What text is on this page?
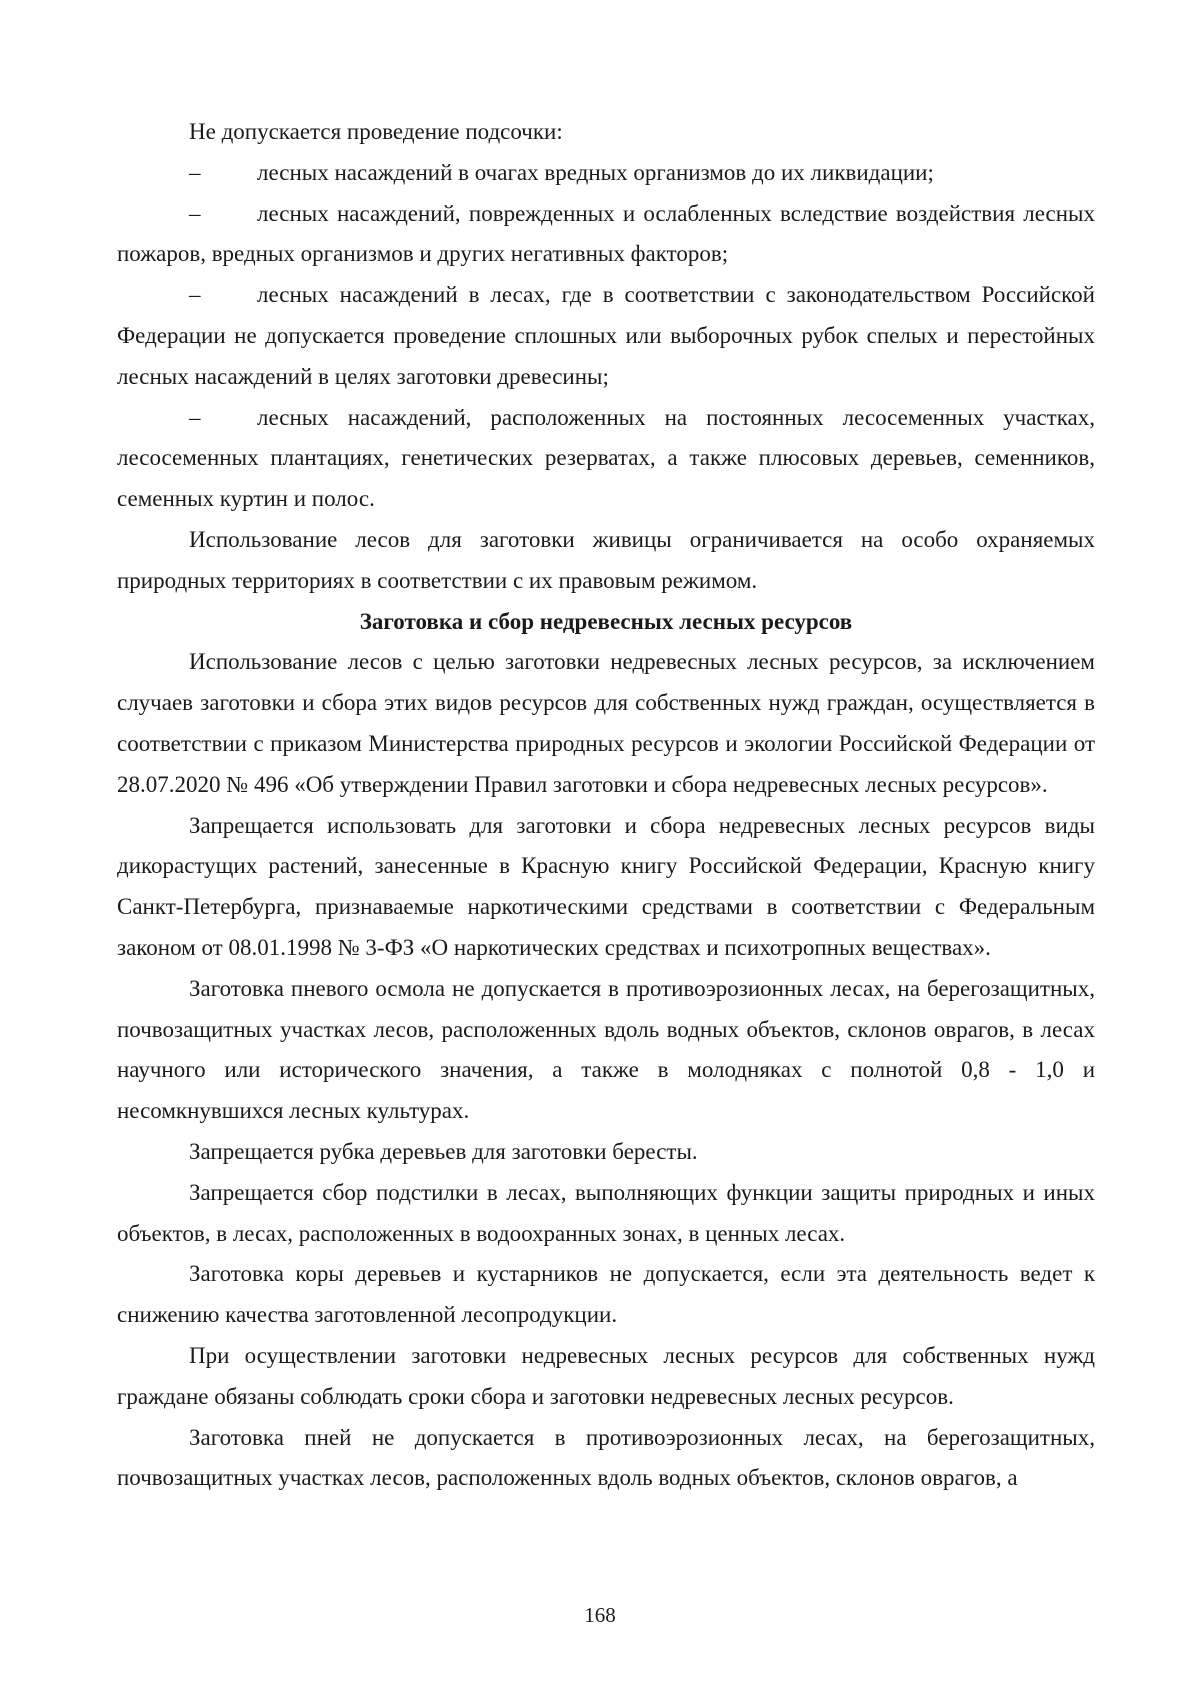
Не допускается проведение подсочки:

– лесных насаждений в очагах вредных организмов до их ликвидации;

– лесных насаждений, поврежденных и ослабленных вследствие воздействия лесных пожаров, вредных организмов и других негативных факторов;

– лесных насаждений в лесах, где в соответствии с законодательством Российской Федерации не допускается проведение сплошных или выборочных рубок спелых и перестойных лесных насаждений в целях заготовки древесины;

– лесных насаждений, расположенных на постоянных лесосеменных участках, лесосеменных плантациях, генетических резерватах, а также плюсовых деревьев, семенников, семенных куртин и полос.

Использование лесов для заготовки живицы ограничивается на особо охраняемых природных территориях в соответствии с их правовым режимом.

Заготовка и сбор недревесных лесных ресурсов

Использование лесов с целью заготовки недревесных лесных ресурсов, за исключением случаев заготовки и сбора этих видов ресурсов для собственных нужд граждан, осуществляется в соответствии с приказом Министерства природных ресурсов и экологии Российской Федерации от 28.07.2020 № 496 «Об утверждении Правил заготовки и сбора недревесных лесных ресурсов».

Запрещается использовать для заготовки и сбора недревесных лесных ресурсов виды дикорастущих растений, занесенные в Красную книгу Российской Федерации, Красную книгу Санкт-Петербурга, признаваемые наркотическими средствами в соответствии с Федеральным законом от 08.01.1998 № 3-ФЗ «О наркотических средствах и психотропных веществах».

Заготовка пневого осмола не допускается в противоэрозионных лесах, на берегозащитных, почвозащитных участках лесов, расположенных вдоль водных объектов, склонов оврагов, в лесах научного или исторического значения, а также в молодняках с полнотой 0,8 - 1,0 и несомкнувшихся лесных культурах.

Запрещается рубка деревьев для заготовки бересты.

Запрещается сбор подстилки в лесах, выполняющих функции защиты природных и иных объектов, в лесах, расположенных в водоохранных зонах, в ценных лесах.

Заготовка коры деревьев и кустарников не допускается, если эта деятельность ведет к снижению качества заготовленной лесопродукции.

При осуществлении заготовки недревесных лесных ресурсов для собственных нужд граждане обязаны соблюдать сроки сбора и заготовки недревесных лесных ресурсов.

Заготовка пней не допускается в противоэрозионных лесах, на берегозащитных, почвозащитных участках лесов, расположенных вдоль водных объектов, склонов оврагов, а

168
